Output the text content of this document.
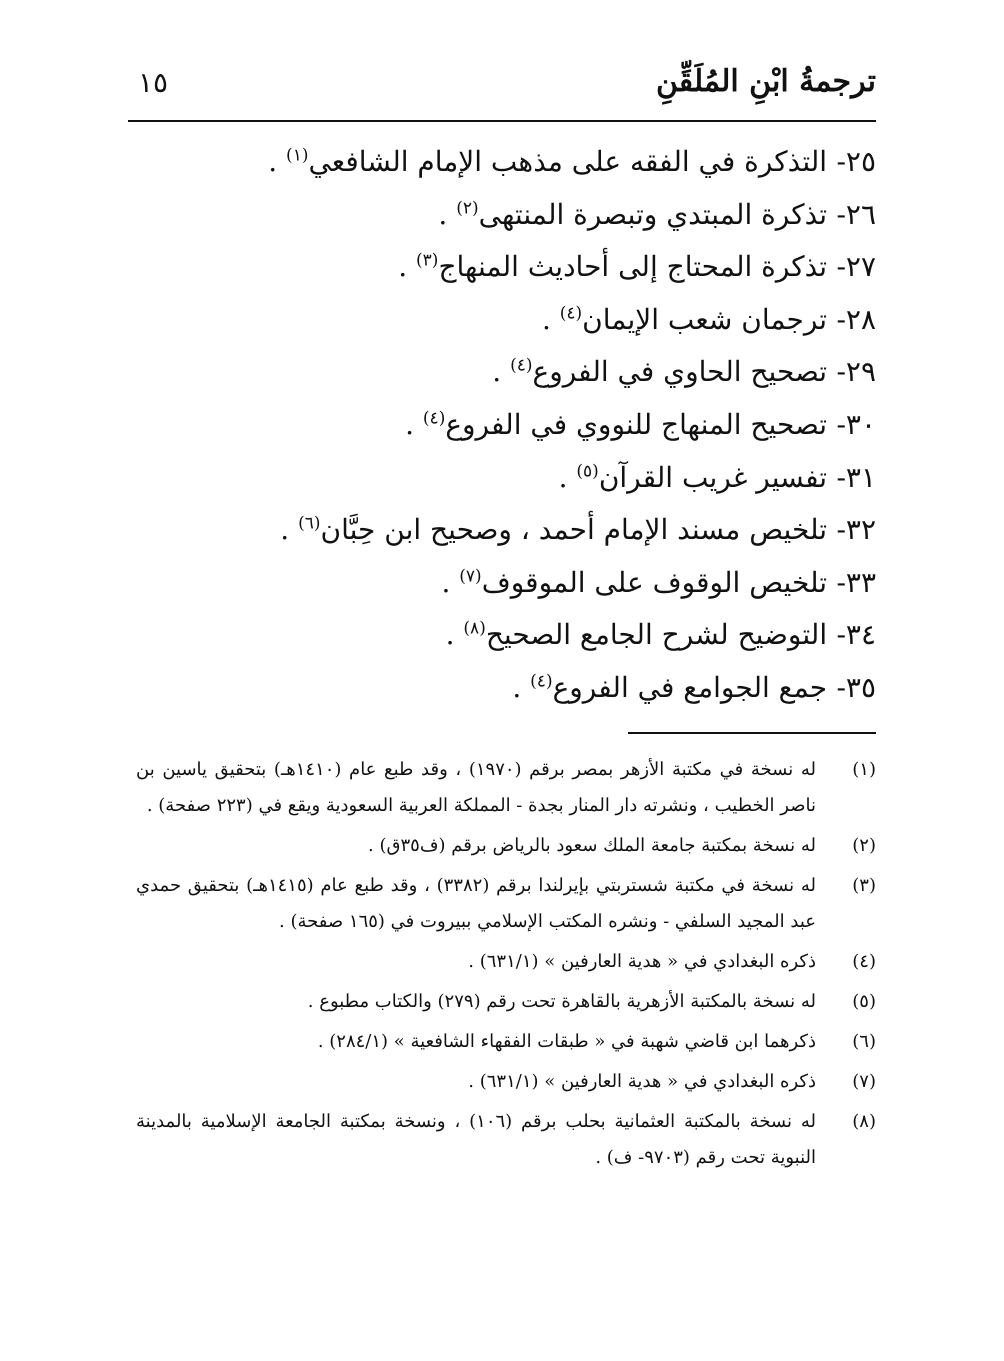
ترجمةُ ابْنِ المُلَقِّنِ
١٥
٢٥- التذكرة في الفقه على مذهب الإمام الشافعي$^{(١)}$ .
٢٦- تذكرة المبتدي وتبصرة المنتهى$^{(٢)}$ .
٢٧- تذكرة المحتاج إلى أحاديث المنهاج$^{(٣)}$ .
٢٨- ترجمان شعب الإيمان$^{(٤)}$ .
٢٩- تصحيح الحاوي في الفروع$^{(٤)}$ .
٣٠- تصحيح المنهاج للنووي في الفروع$^{(٤)}$ .
٣١- تفسير غريب القرآن$^{(٥)}$ .
٣٢- تلخيص مسند الإمام أحمد ، وصحيح ابن حِبَّان$^{(٦)}$ .
٣٣- تلخيص الوقوف على الموقوف$^{(٧)}$ .
٣٤- التوضيح لشرح الجامع الصحيح$^{(٨)}$ .
٣٥- جمع الجوامع في الفروع$^{(٤)}$ .
(١)
له نسخة في مكتبة الأزهر بمصر برقم (١٩٧٠) ، وقد طبع عام (١٤١٠هـ) بتحقيق ياسين بن ناصر الخطيب ، ونشرته دار المنار بجدة - المملكة العربية السعودية ويقع في (٢٢٣ صفحة) .
(٢)
له نسخة بمكتبة جامعة الملك سعود بالرياض برقم (ف٣٥ق) .
(٣)
له نسخة في مكتبة شستربتي بإيرلندا برقم (٣٣٨٢) ، وقد طبع عام (١٤١٥هـ) بتحقيق حمدي عبد المجيد السلفي - ونشره المكتب الإسلامي ببيروت في (١٦٥ صفحة) .
(٤)
ذكره البغدادي في « هدية العارفين » (٦٣١/١) .
(٥)
له نسخة بالمكتبة الأزهرية بالقاهرة تحت رقم (٢٧٩) والكتاب مطبوع .
(٦)
ذكرهما ابن قاضي شهبة في « طبقات الفقهاء الشافعية » (٢٨٤/١) .
(٧)
ذكره البغدادي في « هدية العارفين » (٦٣١/١) .
(٨)
له نسخة بالمكتبة العثمانية بحلب برقم (١٠٦) ، ونسخة بمكتبة الجامعة الإسلامية بالمدينة النبوية تحت رقم (٩٧٠٣- ف) .
